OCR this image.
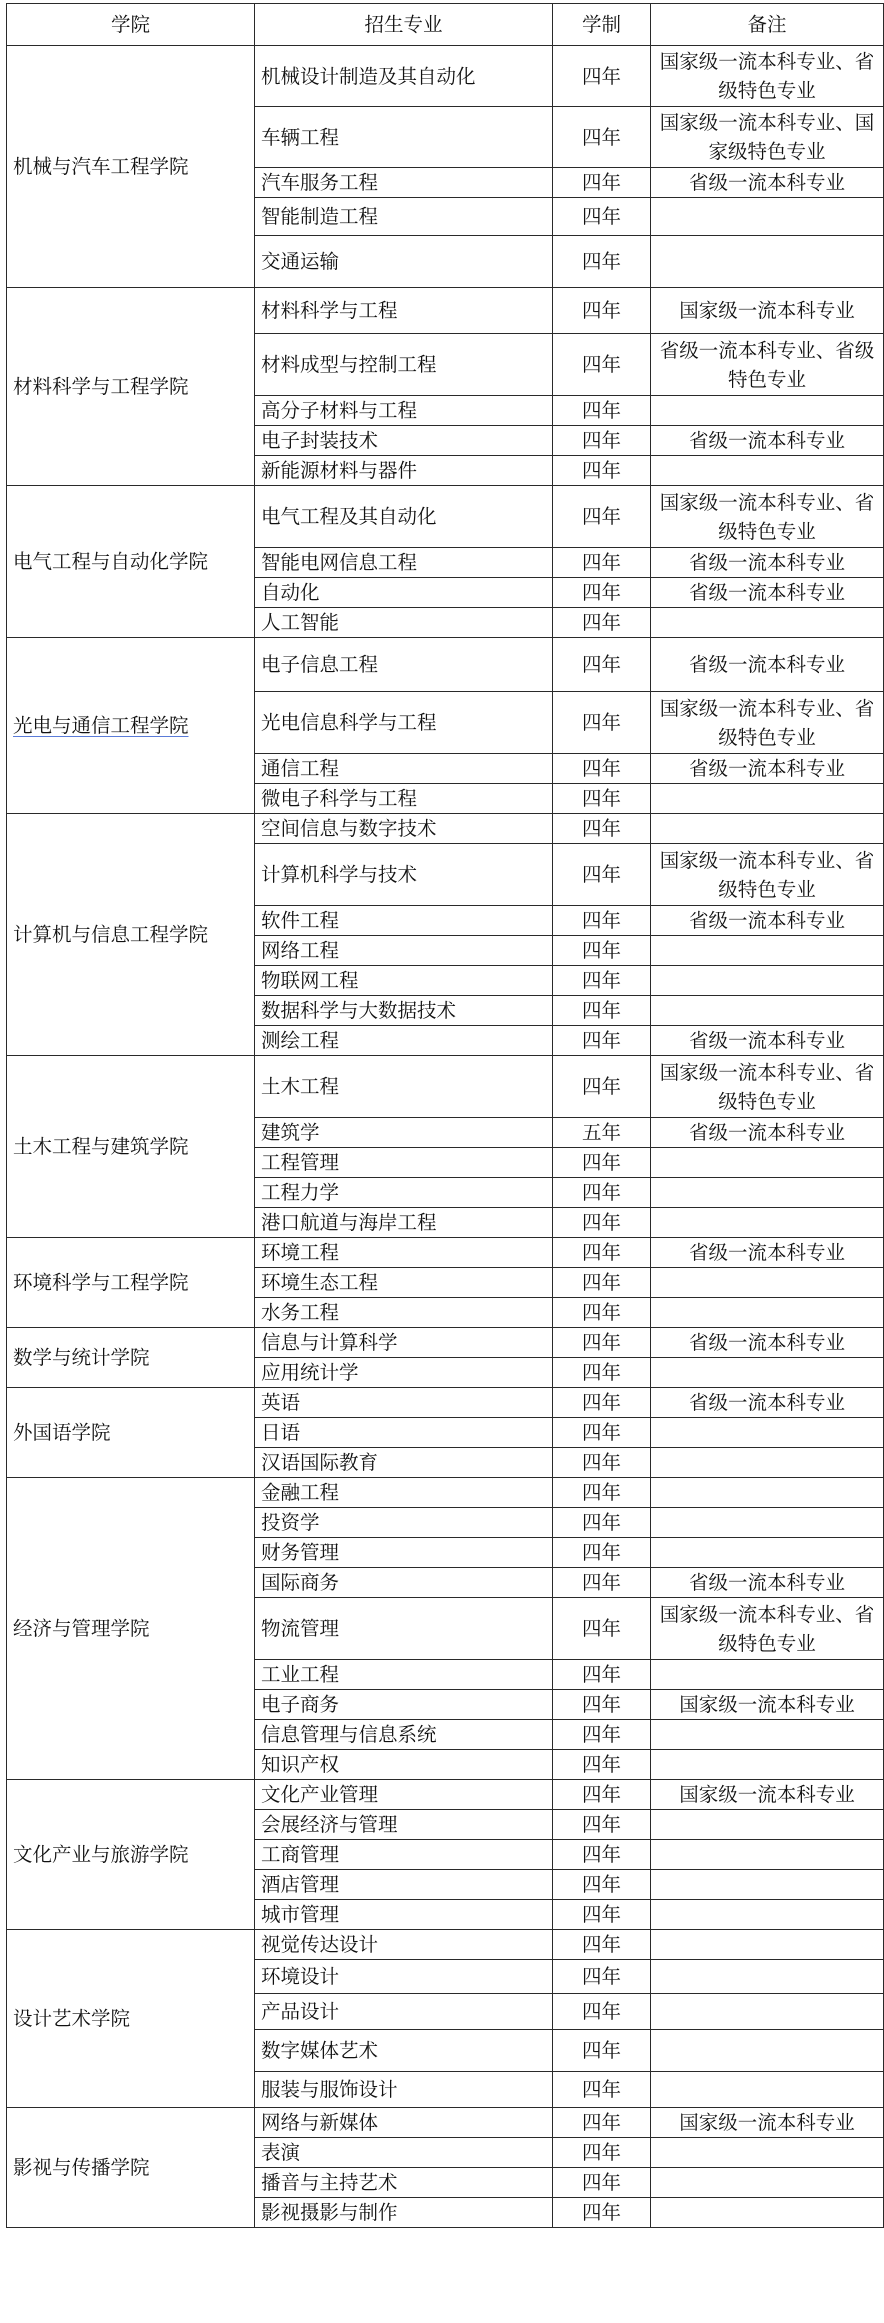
学院	招生专业	学制	备注
机械与汽车工程学院	机械设计制造及其自动化	四年	国家级一流本科专业、省级特色专业
	车辆工程	四年	国家级一流本科专业、国家级特色专业
	汽车服务工程	四年	省级一流本科专业
	智能制造工程	四年	
	交通运输	四年	
材料科学与工程学院	材料科学与工程	四年	国家级一流本科专业
	材料成型与控制工程	四年	省级一流本科专业、省级特色专业
	高分子材料与工程	四年	
	电子封装技术	四年	省级一流本科专业
	新能源材料与器件	四年	
电气工程与自动化学院	电气工程及其自动化	四年	国家级一流本科专业、省级特色专业
	智能电网信息工程	四年	省级一流本科专业
	自动化	四年	省级一流本科专业
	人工智能	四年	
光电与通信工程学院	电子信息工程	四年	省级一流本科专业
	光电信息科学与工程	四年	国家级一流本科专业、省级特色专业
	通信工程	四年	省级一流本科专业
	微电子科学与工程	四年	
计算机与信息工程学院	空间信息与数字技术	四年	
	计算机科学与技术	四年	国家级一流本科专业、省级特色专业
	软件工程	四年	省级一流本科专业
	网络工程	四年	
	物联网工程	四年	
	数据科学与大数据技术	四年	
	测绘工程	四年	省级一流本科专业
土木工程与建筑学院	土木工程	四年	国家级一流本科专业、省级特色专业
	建筑学	五年	省级一流本科专业
	工程管理	四年	
	工程力学	四年	
	港口航道与海岸工程	四年	
环境科学与工程学院	环境工程	四年	省级一流本科专业
	环境生态工程	四年	
	水务工程	四年	
数学与统计学院	信息与计算科学	四年	省级一流本科专业
	应用统计学	四年	
外国语学院	英语	四年	省级一流本科专业
	日语	四年	
	汉语国际教育	四年	
经济与管理学院	金融工程	四年	
	投资学	四年	
	财务管理	四年	
	国际商务	四年	省级一流本科专业
	物流管理	四年	国家级一流本科专业、省级特色专业
	工业工程	四年	
	电子商务	四年	国家级一流本科专业
	信息管理与信息系统	四年	
	知识产权	四年	
文化产业与旅游学院	文化产业管理	四年	国家级一流本科专业
	会展经济与管理	四年	
	工商管理	四年	
	酒店管理	四年	
	城市管理	四年	
设计艺术学院	视觉传达设计	四年	
	环境设计	四年	
	产品设计	四年	
	数字媒体艺术	四年	
	服装与服饰设计	四年	
影视与传播学院	网络与新媒体	四年	国家级一流本科专业
	表演	四年	
	播音与主持艺术	四年	
	影视摄影与制作	四年	
